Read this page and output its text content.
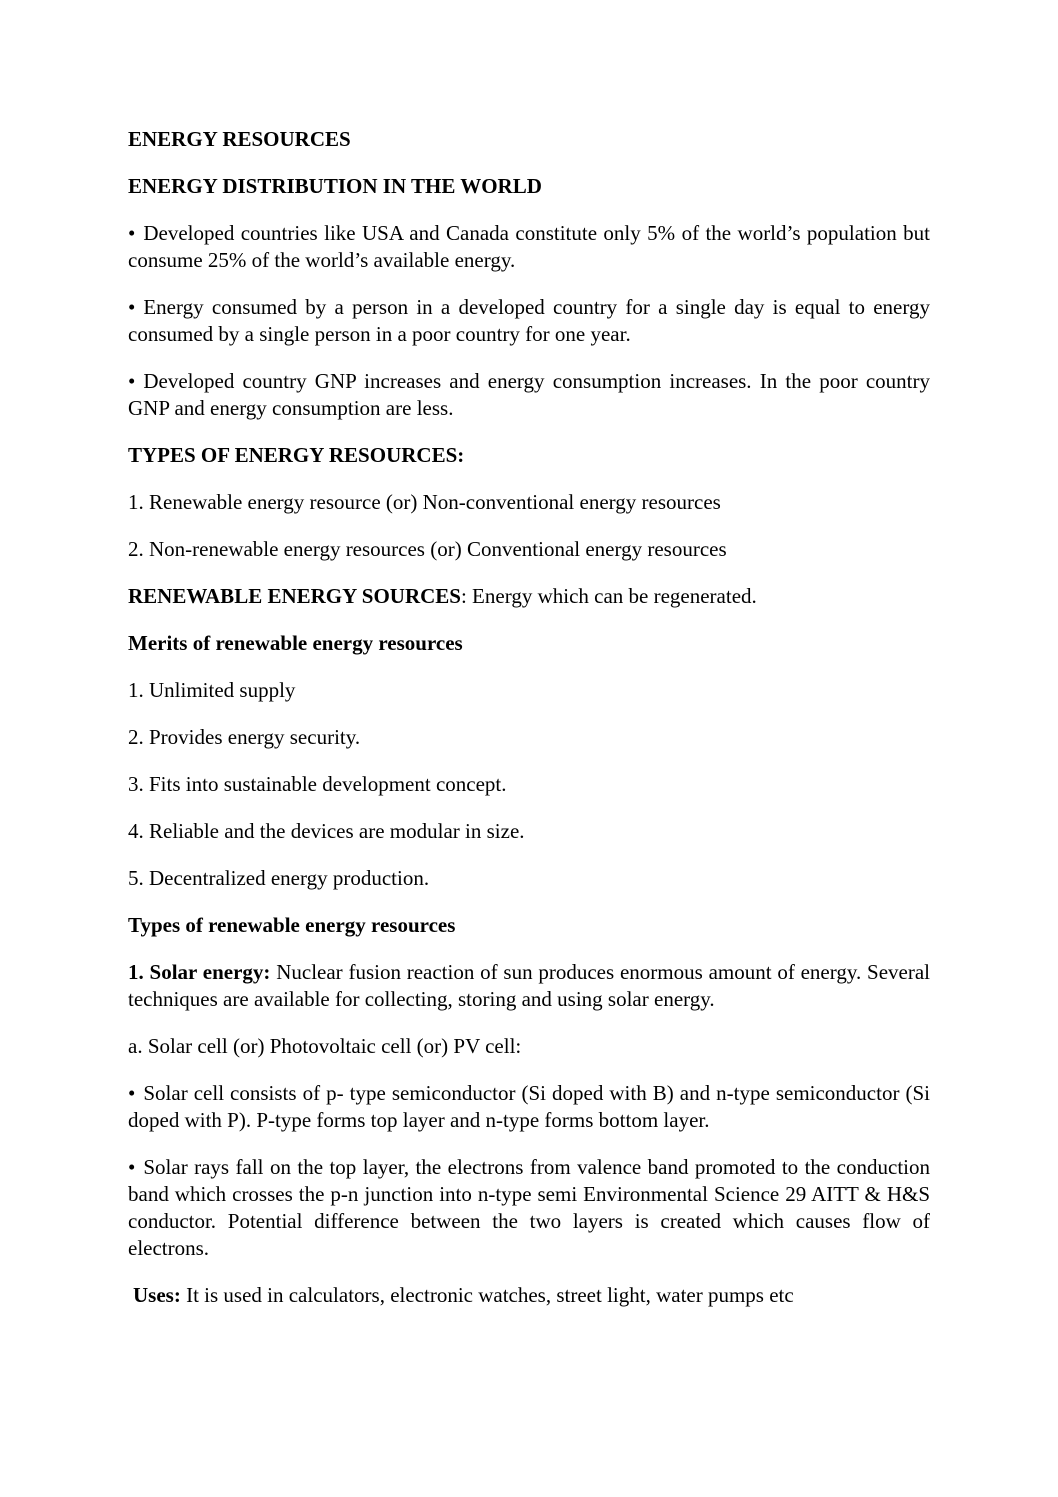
ENERGY RESOURCES

ENERGY DISTRIBUTION IN THE WORLD

• Developed countries like USA and Canada constitute only 5% of the world’s population but consume 25% of the world’s available energy.

• Energy consumed by a person in a developed country for a single day is equal to energy consumed by a single person in a poor country for one year.

• Developed country GNP increases and energy consumption increases. In the poor country GNP and energy consumption are less.

TYPES OF ENERGY RESOURCES:

1. Renewable energy resource (or) Non-conventional energy resources

2. Non-renewable energy resources (or) Conventional energy resources

RENEWABLE ENERGY SOURCES: Energy which can be regenerated.

Merits of renewable energy resources

1. Unlimited supply

2. Provides energy security.

3. Fits into sustainable development concept.

4. Reliable and the devices are modular in size.

5. Decentralized energy production.

Types of renewable energy resources

1. Solar energy: Nuclear fusion reaction of sun produces enormous amount of energy. Several techniques are available for collecting, storing and using solar energy.

a. Solar cell (or) Photovoltaic cell (or) PV cell:

• Solar cell consists of p- type semiconductor (Si doped with B) and n-type semiconductor (Si doped with P). P-type forms top layer and n-type forms bottom layer.

• Solar rays fall on the top layer, the electrons from valence band promoted to the conduction band which crosses the p-n junction into n-type semi Environmental Science 29 AITT & H&S conductor. Potential difference between the two layers is created which causes flow of electrons.

Uses: It is used in calculators, electronic watches, street light, water pumps etc
